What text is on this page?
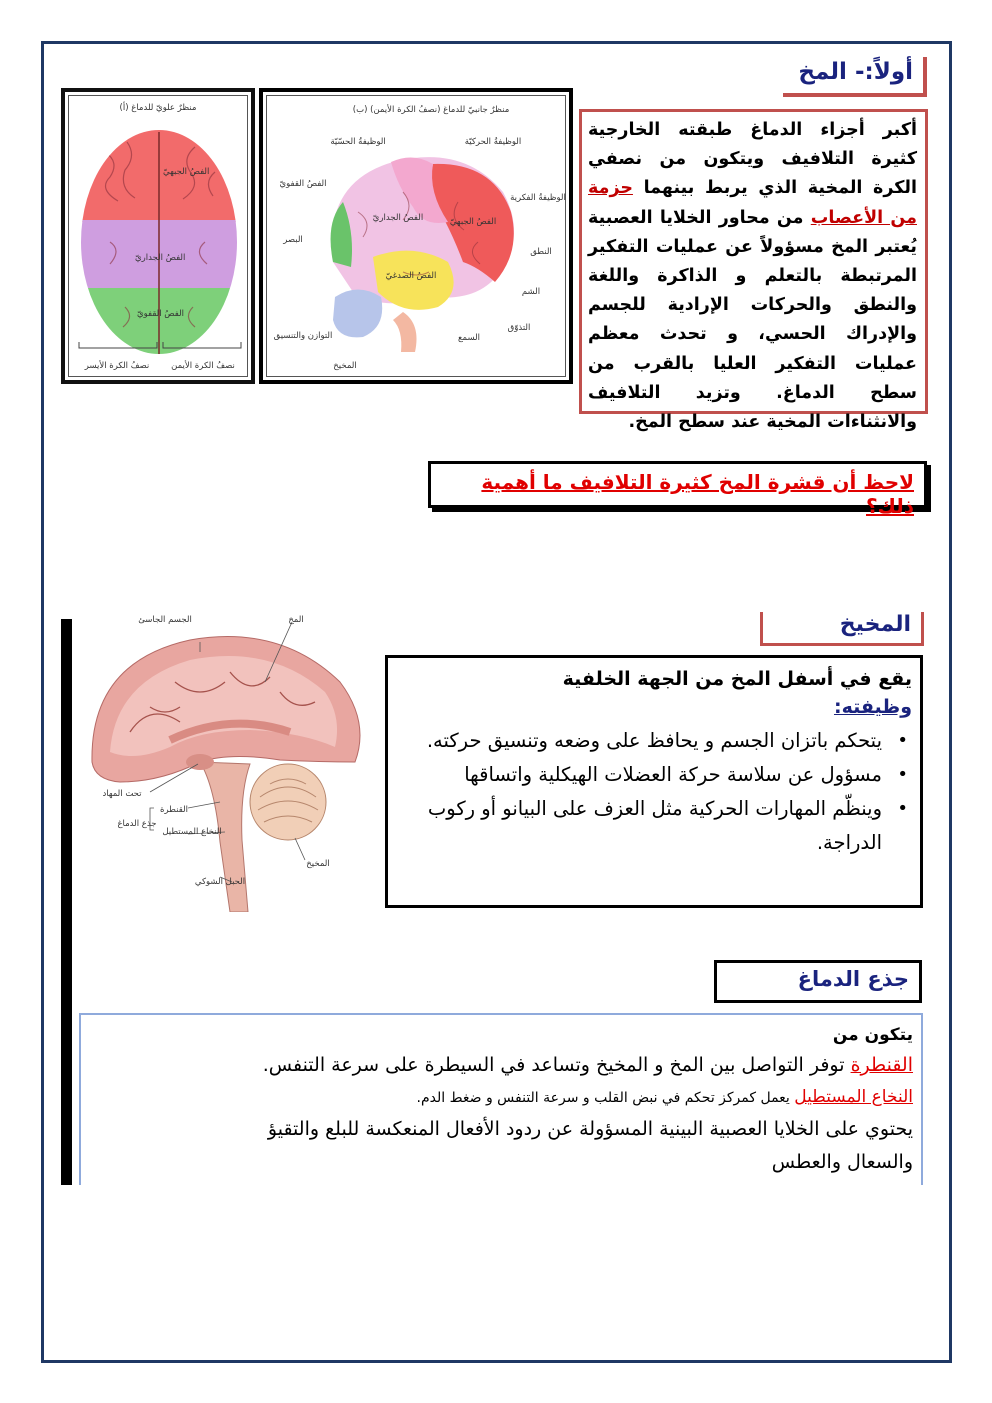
أولاً:- المخ
(أ) منظرٌ علويّ للدماغ
الفصُ الجبهيّ
الفصُ الجداريّ
الفصُ القفويّ
نصفُ الكرة الأيسر	نصفُ الكرة الأيمن
(ب) منظرٌ جانبيّ للدماغ (نصفُ الكرة الأيمن)
الوظيفةُ الحركيّة
الوظيفةُ الحسّيّة
الوظيفةُ الفكرية
الفصُ القفويّ
الفصُ الجداريّ	الفصُ الجبهيّ
البصر
النطق
الفصُ الصدغيّ
الشم
التذوّق
التوازن والتنسيق	السمع
المخيخ
أكبر أجزاء الدماغ طبقته الخارجية كثيرة التلافيف ويتكون من نصفي الكرة المخية الذي يربط بينهما حزمة من الأعصاب من محاور الخلايا العصبية يُعتبر المخ مسؤولاً عن عمليات التفكير المرتبطة بالتعلم و الذاكرة واللغة والنطق والحركات الإرادية للجسم والإدراك الحسي، و تحدث معظم عمليات التفكير العليا بالقرب من سطح الدماغ. وتزيد التلافيف والانثناءات المخية عند سطح المخ.
لاحظ أن قشرة المخ كثيرة التلافيف ما أهمية ذلك؟
المخيخ
الجسم الجاسئ	المخ
تحت المهاد
القنطرة
جذع الدماغ
النخاع المستطيل
المخيخ
الحبل الشوكي
يقع في أسفل المخ من الجهة الخلفية
وظيفته:
• يتحكم باتزان الجسم و يحافظ على وضعه وتنسيق حركته.
• مسؤول عن سلاسة حركة العضلات الهيكلية واتساقها
• وينظّم المهارات الحركية مثل العزف على البيانو أو ركوب الدراجة.
جذع الدماغ
يتكون من
القنطرة توفر التواصل بين المخ و المخيخ وتساعد في السيطرة على سرعة التنفس.
النخاع المستطيل يعمل كمركز تحكم في نبض القلب و سرعة التنفس و ضغط الدم.
يحتوي على الخلايا العصبية البينية المسؤولة عن ردود الأفعال المنعكسة للبلع والتقيؤ
والسعال والعطس
